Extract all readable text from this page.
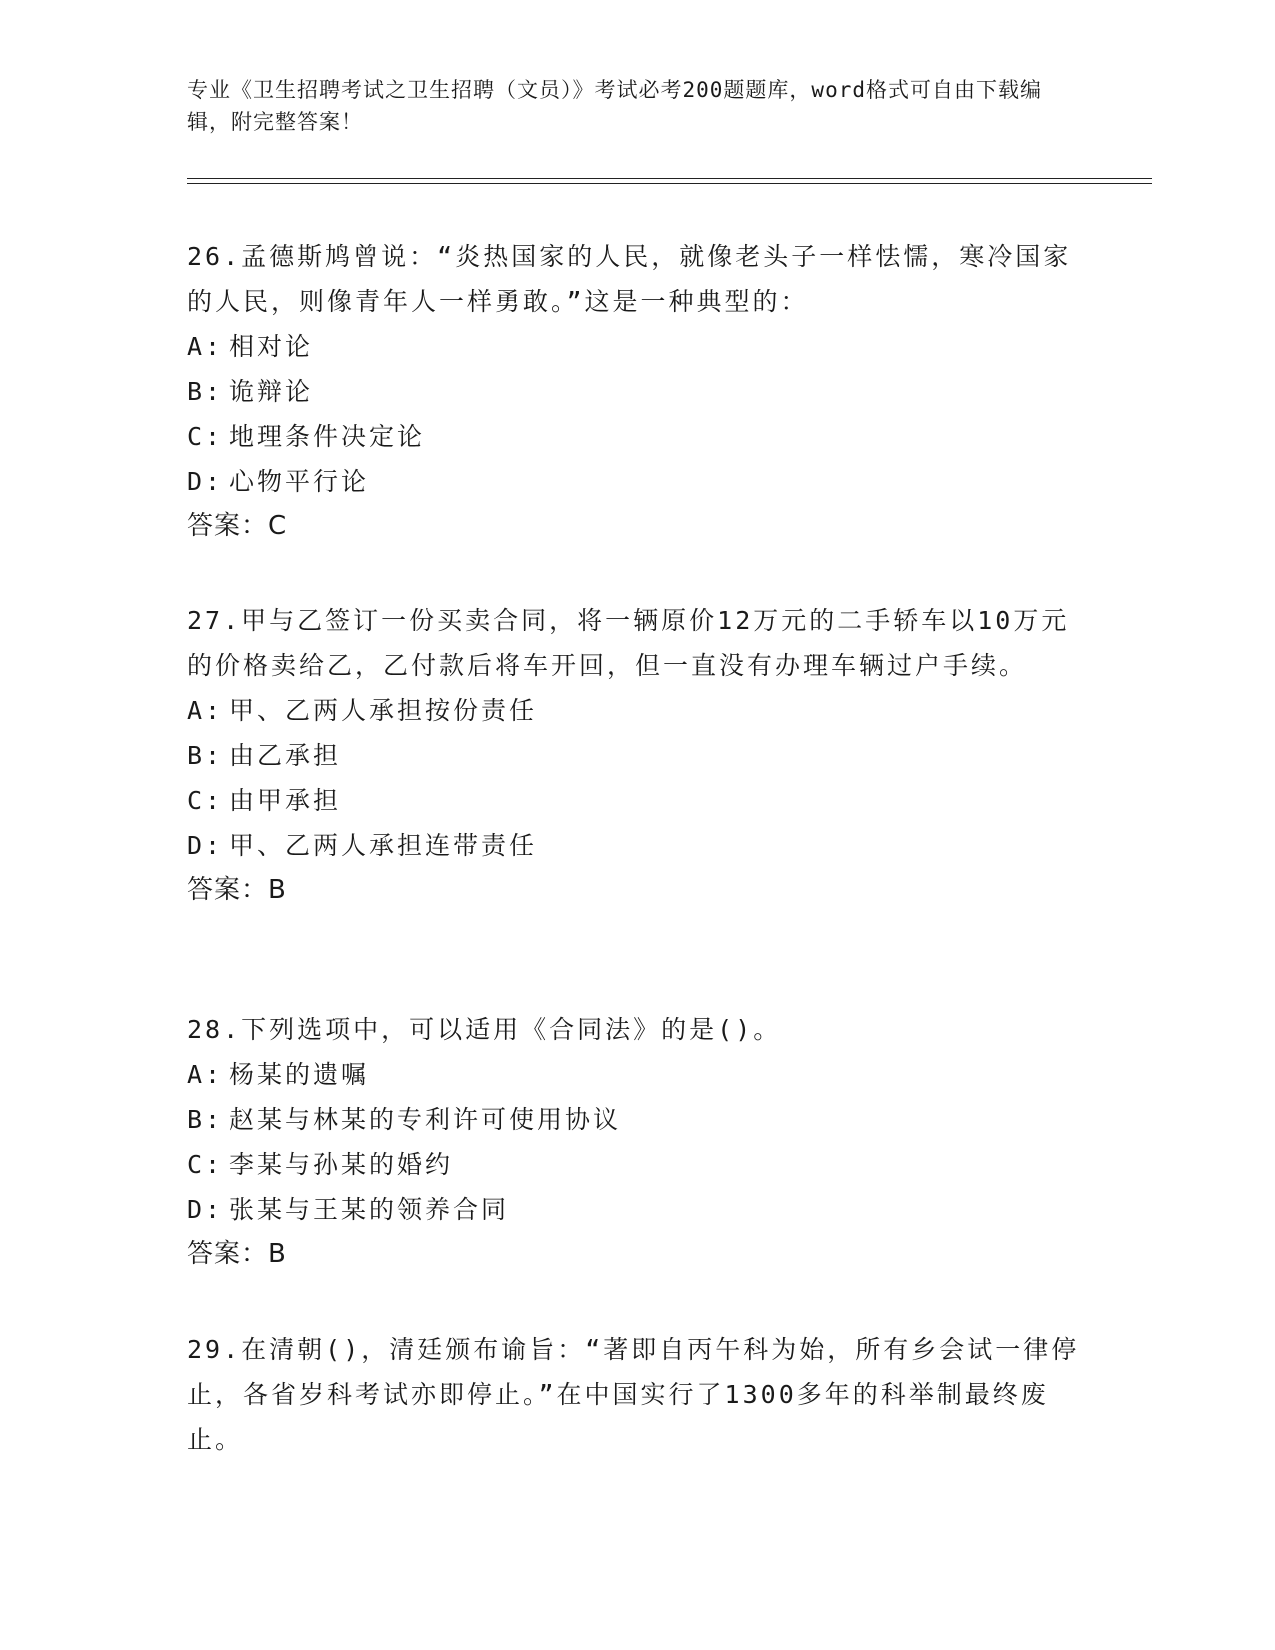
专业《卫生招聘考试之卫生招聘（文员）》考试必考200题题库，word格式可自由下载编辑，附完整答案！

26.孟德斯鸠曾说：“炎热国家的人民，就像老头子一样怯懦，寒冷国家的人民，则像青年人一样勇敢。”这是一种典型的：

A: 相对论

B: 诡辩论

C: 地理条件决定论

D: 心物平行论

答案：C

27.甲与乙签订一份买卖合同，将一辆原价12万元的二手轿车以10万元的价格卖给乙，乙付款后将车开回，但一直没有办理车辆过户手续。

A: 甲、乙两人承担按份责任

B: 由乙承担

C: 由甲承担

D: 甲、乙两人承担连带责任

答案：B

28.下列选项中，可以适用《合同法》的是()。

A: 杨某的遗嘱

B: 赵某与林某的专利许可使用协议

C: 李某与孙某的婚约

D: 张某与王某的领养合同

答案：B

29.在清朝()，清廷颁布谕旨：“著即自丙午科为始，所有乡会试一律停止，各省岁科考试亦即停止。”在中国实行了1300多年的科举制最终废止。
